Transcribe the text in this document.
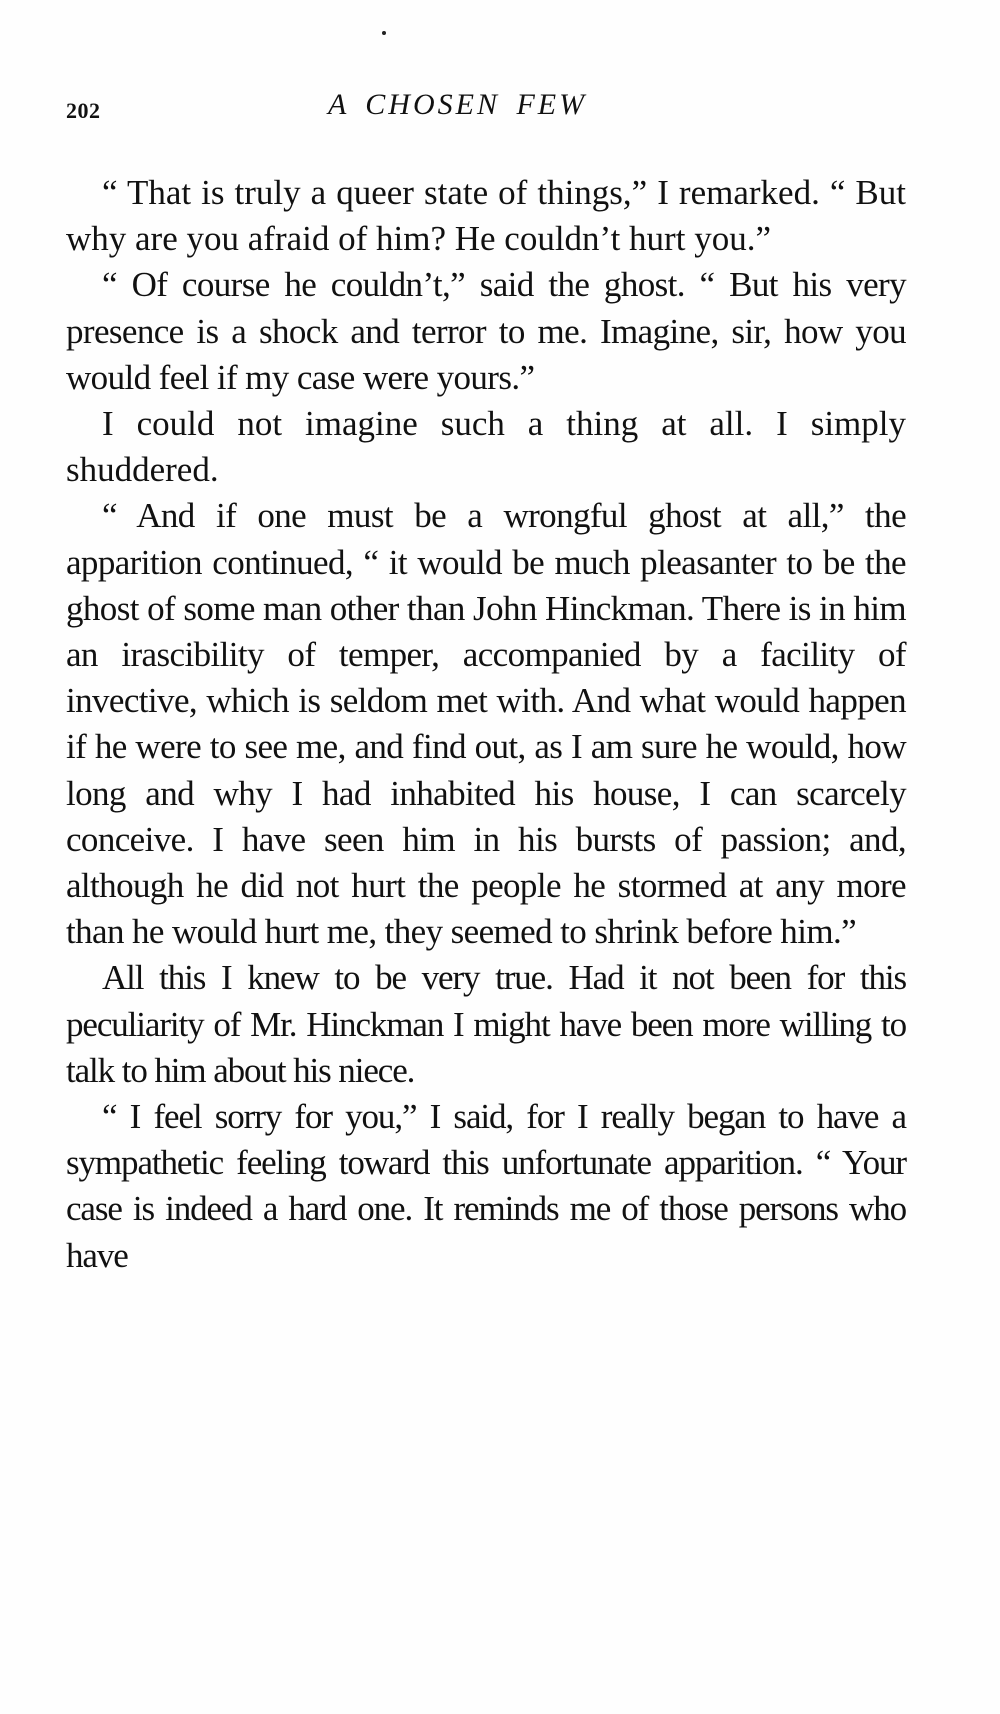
202	A CHOSEN FEW

“ That is truly a queer state of things,” I remarked. “ But why are you afraid of him? He couldn’t hurt you.”

“ Of course he couldn’t,” said the ghost. “ But his very presence is a shock and terror to me. Imagine, sir, how you would feel if my case were yours.”

I could not imagine such a thing at all. I simply shuddered.

“ And if one must be a wrongful ghost at all,” the apparition continued, “ it would be much pleasanter to be the ghost of some man other than John Hinckman. There is in him an irascibility of temper, accompanied by a facility of invective, which is seldom met with. And what would happen if he were to see me, and find out, as I am sure he would, how long and why I had inhabited his house, I can scarcely conceive. I have seen him in his bursts of passion; and, although he did not hurt the people he stormed at any more than he would hurt me, they seemed to shrink before him.”

All this I knew to be very true. Had it not been for this peculiarity of Mr. Hinckman I might have been more willing to talk to him about his niece.

“ I feel sorry for you,” I said, for I really began to have a sympathetic feeling toward this unfortunate apparition. “ Your case is indeed a hard one. It reminds me of those persons who have
